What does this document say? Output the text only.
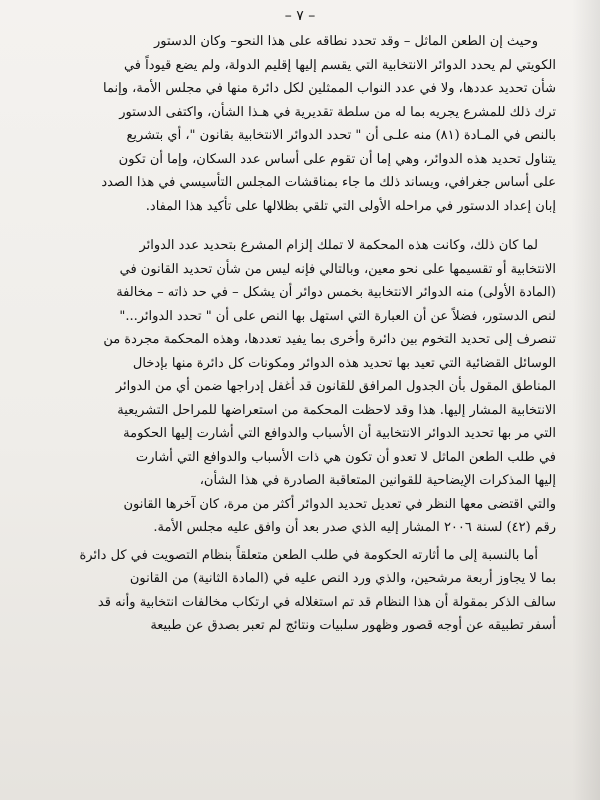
– ٧ –

وحيث إن الطعن الماثل – وقد تحدد نطاقه على هذا النحو– وكان الدستور
الكويتي لم يحدد الدوائر الانتخابية التي يقسم إليها إقليم الدولة، ولم يضع قيوداً في
شأن تحديد عددها، ولا في عدد النواب الممثلين لكل دائرة منها في مجلس الأمة، وإنما
ترك ذلك للمشرع يجريه بما له من سلطة تقديرية في هـذا الشأن، واكتفى الدستور
بالنص في المـادة (٨١) منه علـى أن " تحدد الدوائر الانتخابية بقانون "، أي بتشريع
يتناول تحديد هذه الدوائر، وهي إما أن تقوم على أساس عدد السكان، وإما أن تكون
على أساس جغرافي، ويساند ذلك ما جاء بمناقشات المجلس التأسيسي في هذا الصدد
إبان إعداد الدستور في مراحله الأولى التي تلقي بظلالها على تأكيد هذا المفاد.

لما كان ذلك، وكانت هذه المحكمة لا تملك إلزام المشرع بتحديد عدد الدوائر
الانتخابية أو تقسيمها على نحو معين، وبالتالي فإنه ليس من شأن تحديد القانون في
(المادة الأولى) منه الدوائر الانتخابية بخمس دوائر أن يشكل – في حد ذاته – مخالفة
لنص الدستور، فضلاً عن أن العبارة التي استهل بها النص على أن " تحدد الدوائر..."
تنصرف إلى تحديد التخوم بين دائرة وأخرى بما يفيد تعددها، وهذه المحكمة مجردة من
الوسائل القضائية التي تعيد بها تحديد هذه الدوائر ومكونات كل دائرة منها بإدخال
المناطق المقول بأن الجدول المرافق للقانون قد أغفل إدراجها ضمن أي من الدوائر
الانتخابية المشار إليها. هذا وقد لاحظت المحكمة من استعراضها للمراحل التشريعية
التي مر بها تحديد الدوائر الانتخابية أن الأسباب والدوافع التي أشارت إليها الحكومة
في طلب الطعن الماثل لا تعدو أن تكون هي ذات الأسباب والدوافع التي أشارت
إليها المذكرات الإيضاحية للقوانين المتعاقبة الصادرة في هذا الشأن،
والتي اقتضى معها النظر في تعديل تحديد الدوائر أكثر من مرة، كان آخرها القانون
رقم (٤٢) لسنة ٢٠٠٦ المشار إليه الذي صدر بعد أن وافق عليه مجلس الأمة.

أما بالنسبة إلى ما أثارته الحكومة في طلب الطعن متعلقاً بنظام التصويت في كل دائرة
بما لا يجاوز أربعة مرشحين، والذي ورد النص عليه في (المادة الثانية) من القانون
سالف الذكر بمقولة أن هذا النظام قد تم استغلاله في ارتكاب مخالفات انتخابية وأنه قد
أسفر تطبيقه عن أوجه قصور وظهور سلبيات ونتائج لم تعبر بصدق عن طبيعة
